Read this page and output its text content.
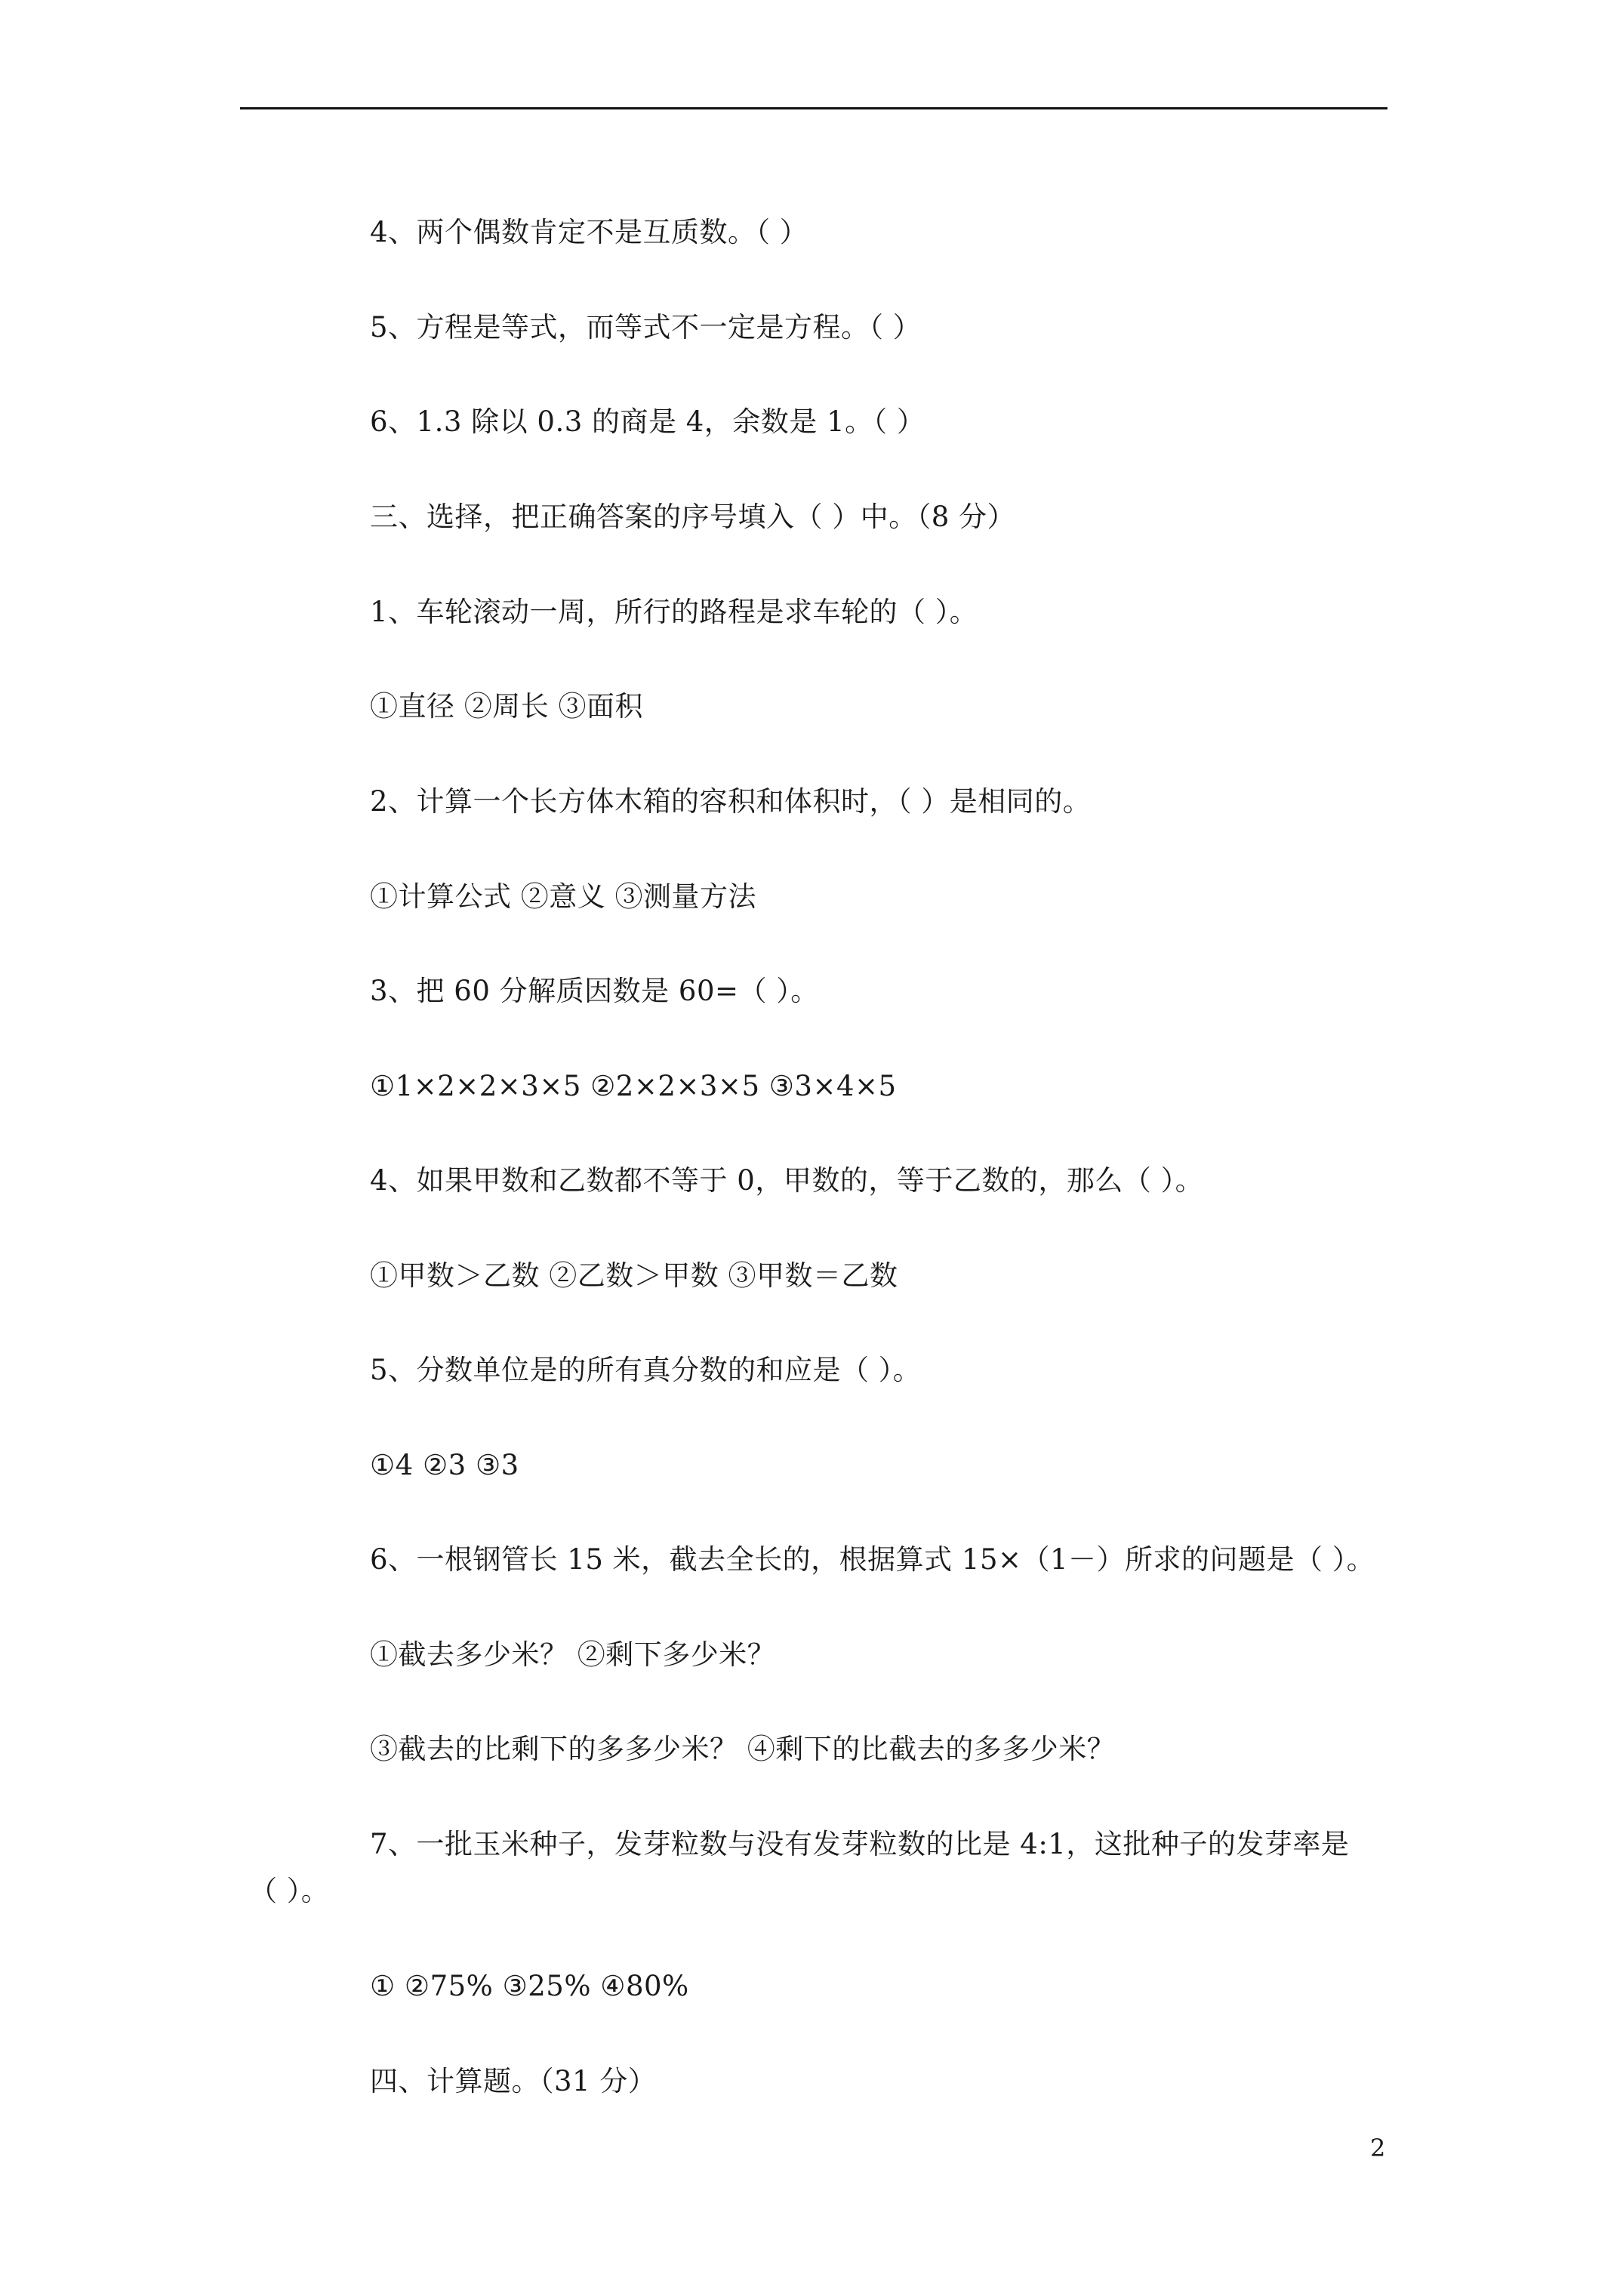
4、两个偶数肯定不是互质数。（ ）
5、方程是等式，而等式不一定是方程。（ ）
6、1.3 除以 0.3 的商是 4，余数是 1。（ ）
三、选择，把正确答案的序号填入（ ）中。（8 分）
1、车轮滚动一周，所行的路程是求车轮的（ ）。
①直径 ②周长 ③面积
2、计算一个长方体木箱的容积和体积时，（ ）是相同的。
①计算公式 ②意义 ③测量方法
3、把 60 分解质因数是 60=（ ）。
①1×2×2×3×5 ②2×2×3×5 ③3×4×5
4、如果甲数和乙数都不等于 0，甲数的，等于乙数的，那么（ ）。
①甲数＞乙数 ②乙数＞甲数 ③甲数＝乙数
5、分数单位是的所有真分数的和应是（ ）。
①4 ②3 ③3
6、一根钢管长 15 米，截去全长的，根据算式 15×（1－）所求的问题是（ ）。
①截去多少米？ ②剩下多少米？
③截去的比剩下的多多少米？ ④剩下的比截去的多多少米？
7、一批玉米种子，发芽粒数与没有发芽粒数的比是 4:1，这批种子的发芽率是
（ ）。
① ②75% ③25% ④80%
四、计算题。（31 分）
2
